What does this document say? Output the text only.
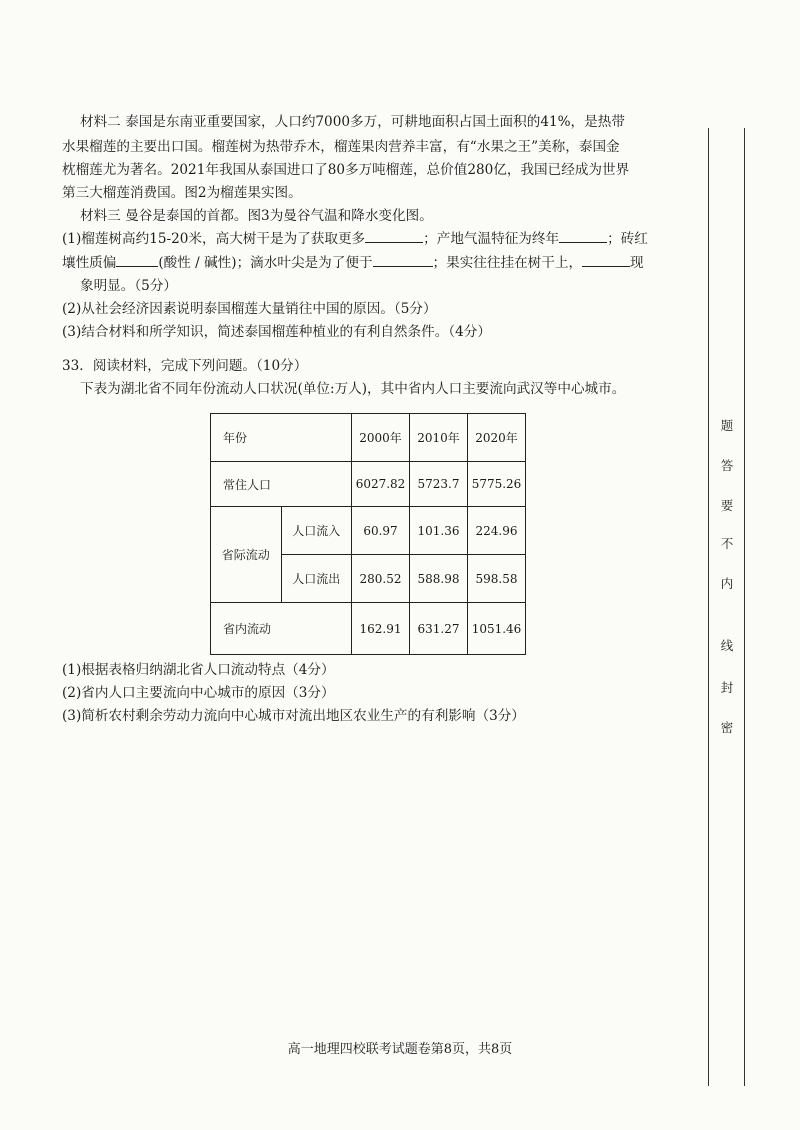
材料二 泰国是东南亚重要国家，人口约7000多万，可耕地面积占国土面积的41%，是热带
水果榴莲的主要出口国。榴莲树为热带乔木，榴莲果肉营养丰富，有“水果之王”美称，泰国金
枕榴莲尤为著名。2021年我国从泰国进口了80多万吨榴莲，总价值280亿，我国已经成为世界
第三大榴莲消费国。图2为榴莲果实图。
材料三 曼谷是泰国的首都。图3为曼谷气温和降水变化图。
(1)榴莲树高约15-20米，高大树干是为了获取更多	；产地气温特征为终年	；砖红
壤性质偏	(酸性 / 碱性)；滴水叶尖是为了便于	；果实往往挂在树干上，	现
象明显。（5分）
(2)从社会经济因素说明泰国榴莲大量销往中国的原因。（5分）
(3)结合材料和所学知识，简述泰国榴莲种植业的有利自然条件。（4分）
33．阅读材料，完成下列问题。（10分）
下表为湖北省不同年份流动人口状况(单位:万人)，其中省内人口主要流向武汉等中心城市。
年份		2000年	2010年	2020年
常住人口		6027.82	5723.7	5775.26
省际流动	人口流入	60.97	101.36	224.96
	人口流出	280.52	588.98	598.58
省内流动		162.91	631.27	1051.46
(1)根据表格归纳湖北省人口流动特点（4分）
(2)省内人口主要流向中心城市的原因（3分）
(3)简析农村剩余劳动力流向中心城市对流出地区农业生产的有利影响（3分）
题
答
要
不
内
线
封
密
高一地理四校联考试题卷第8页，共8页
